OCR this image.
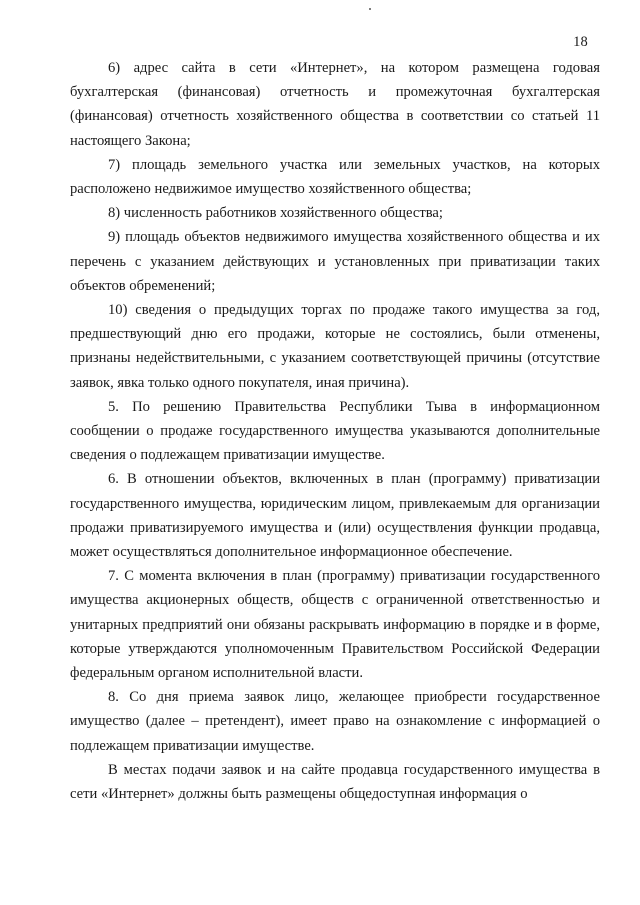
18

6) адрес сайта в сети «Интернет», на котором размещена годовая бухгалтерская (финансовая) отчетность и промежуточная бухгалтерская (финансовая) отчетность хозяйственного общества в соответствии со статьей 11 настоящего Закона;

7) площадь земельного участка или земельных участков, на которых расположено недвижимое имущество хозяйственного общества;

8) численность работников хозяйственного общества;

9) площадь объектов недвижимого имущества хозяйственного общества и их перечень с указанием действующих и установленных при приватизации таких объектов обременений;

10) сведения о предыдущих торгах по продаже такого имущества за год, предшествующий дню его продажи, которые не состоялись, были отменены, признаны недействительными, с указанием соответствующей причины (отсутствие заявок, явка только одного покупателя, иная причина).

5. По решению Правительства Республики Тыва в информационном сообщении о продаже государственного имущества указываются дополнительные сведения о подлежащем приватизации имуществе.

6. В отношении объектов, включенных в план (программу) приватизации государственного имущества, юридическим лицом, привлекаемым для организации продажи приватизируемого имущества и (или) осуществления функции продавца, может осуществляться дополнительное информационное обеспечение.

7. С момента включения в план (программу) приватизации государственного имущества акционерных обществ, обществ с ограниченной ответственностью и унитарных предприятий они обязаны раскрывать информацию в порядке и в форме, которые утверждаются уполномоченным Правительством Российской Федерации федеральным органом исполнительной власти.

8. Со дня приема заявок лицо, желающее приобрести государственное имущество (далее – претендент), имеет право на ознакомление с информацией о подлежащем приватизации имуществе.

В местах подачи заявок и на сайте продавца государственного имущества в сети «Интернет» должны быть размещены общедоступная информация о
